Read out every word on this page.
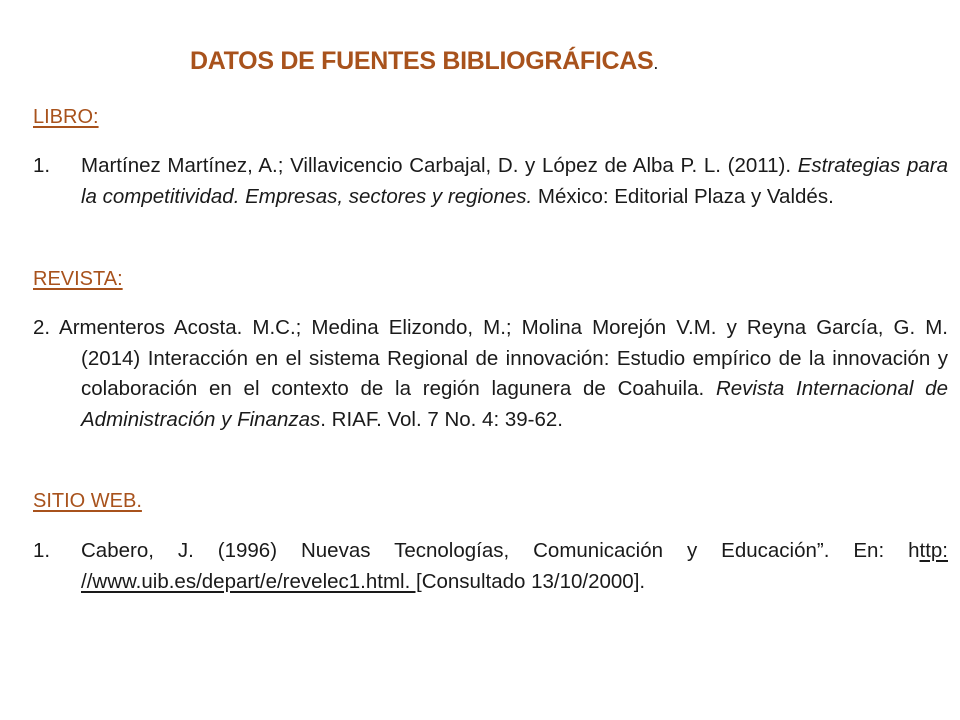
DATOS DE FUENTES BIBLIOGRÁFICAS.
LIBRO:
1. Martínez Martínez, A.; Villavicencio Carbajal, D. y López de Alba P. L. (2011). Estrategias para la competitividad. Empresas, sectores y regiones. México: Editorial Plaza y Valdés.
REVISTA:
2. Armenteros Acosta. M.C.; Medina Elizondo, M.; Molina Morejón V.M. y Reyna García, G. M. (2014) Interacción en el sistema Regional de innovación: Estudio empírico de la innovación y colaboración en el contexto de la región lagunera de Coahuila. Revista Internacional de Administración y Finanzas. RIAF. Vol. 7 No. 4: 39-62.
SITIO WEB.
1. Cabero, J. (1996) Nuevas Tecnologías, Comunicación y Educación”. En: http: //www.uib.es/depart/e/revelec1.html. [Consultado 13/10/2000].
